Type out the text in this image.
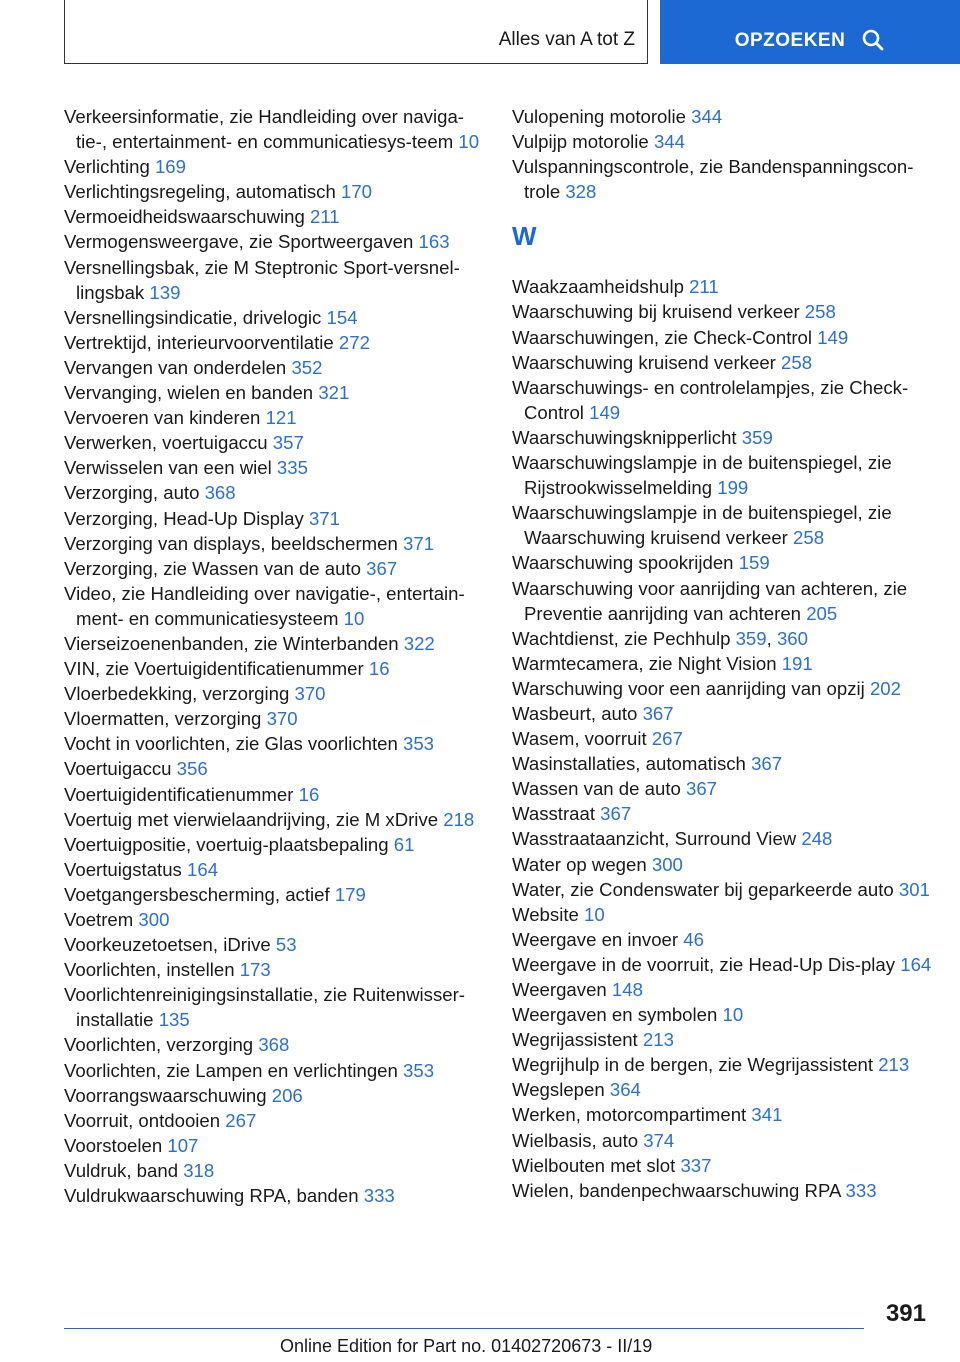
Alles van A tot Z	OPZOEKEN
Verkeersinformatie, zie Handleiding over naviga-tie-, entertainment- en communicatiesys-teem 10
Verlichting 169
Verlichtingsregeling, automatisch 170
Vermoeidheidswaarschuwing 211
Vermogensweergave, zie Sportweergaven 163
Versnellingsbak, zie M Steptronic Sport-versnel-lingsbak 139
Versnellingsindicatie, drivelogic 154
Vertrektijd, interieurvoorventilatie 272
Vervangen van onderdelen 352
Vervanging, wielen en banden 321
Vervoeren van kinderen 121
Verwerken, voertuigaccu 357
Verwisselen van een wiel 335
Verzorging, auto 368
Verzorging, Head-Up Display 371
Verzorging van displays, beeldschermen 371
Verzorging, zie Wassen van de auto 367
Video, zie Handleiding over navigatie-, entertain-ment- en communicatiesysteem 10
Vierseizoenenbanden, zie Winterbanden 322
VIN, zie Voertuigidentificatienummer 16
Vloerbedekking, verzorging 370
Vloermatten, verzorging 370
Vocht in voorlichten, zie Glas voorlichten 353
Voertuigaccu 356
Voertuigidentificatienummer 16
Voertuig met vierwielaandrijving, zie M xDrive 218
Voertuigpositie, voertuig-plaatsbepaling 61
Voertuigstatus 164
Voetgangersbescherming, actief 179
Voetrem 300
Voorkeuzetoetsen, iDrive 53
Voorlichten, instellen 173
Voorlichtenreinigingsinstallatie, zie Ruitenwisser-installatie 135
Voorlichten, verzorging 368
Voorlichten, zie Lampen en verlichtingen 353
Voorrangswaarschuwing 206
Voorruit, ontdooien 267
Voorstoelen 107
Vuldruk, band 318
Vuldrukwaarschuwing RPA, banden 333
Vulopening motorolie 344
Vulpijp motorolie 344
Vulspanningscontrole, zie Bandenspanningscon-trole 328
W
Waakzaamheidshulp 211
Waarschuwing bij kruisend verkeer 258
Waarschuwingen, zie Check-Control 149
Waarschuwing kruisend verkeer 258
Waarschuwings- en controlelampjes, zie Check-Control 149
Waarschuwingsknipperlicht 359
Waarschuwingslampje in de buitenspiegel, zie Rijstrookwisselmelding 199
Waarschuwingslampje in de buitenspiegel, zie Waarschuwing kruisend verkeer 258
Waarschuwing spookrijden 159
Waarschuwing voor aanrijding van achteren, zie Preventie aanrijding van achteren 205
Wachtdienst, zie Pechhulp 359, 360
Warmtecamera, zie Night Vision 191
Warschuwing voor een aanrijding van opzij 202
Wasbeurt, auto 367
Wasem, voorruit 267
Wasinstallaties, automatisch 367
Wassen van de auto 367
Wasstraat 367
Wasstraataanzicht, Surround View 248
Water op wegen 300
Water, zie Condenswater bij geparkeerde auto 301
Website 10
Weergave en invoer 46
Weergave in de voorruit, zie Head-Up Dis-play 164
Weergaven 148
Weergaven en symbolen 10
Wegrijassistent 213
Wegrijhulp in de bergen, zie Wegrijassistent 213
Wegslepen 364
Werken, motorcompartiment 341
Wielbasis, auto 374
Wielbouten met slot 337
Wielen, bandenpechwaarschuwing RPA 333
391
Online Edition for Part no. 01402720673 - II/19
